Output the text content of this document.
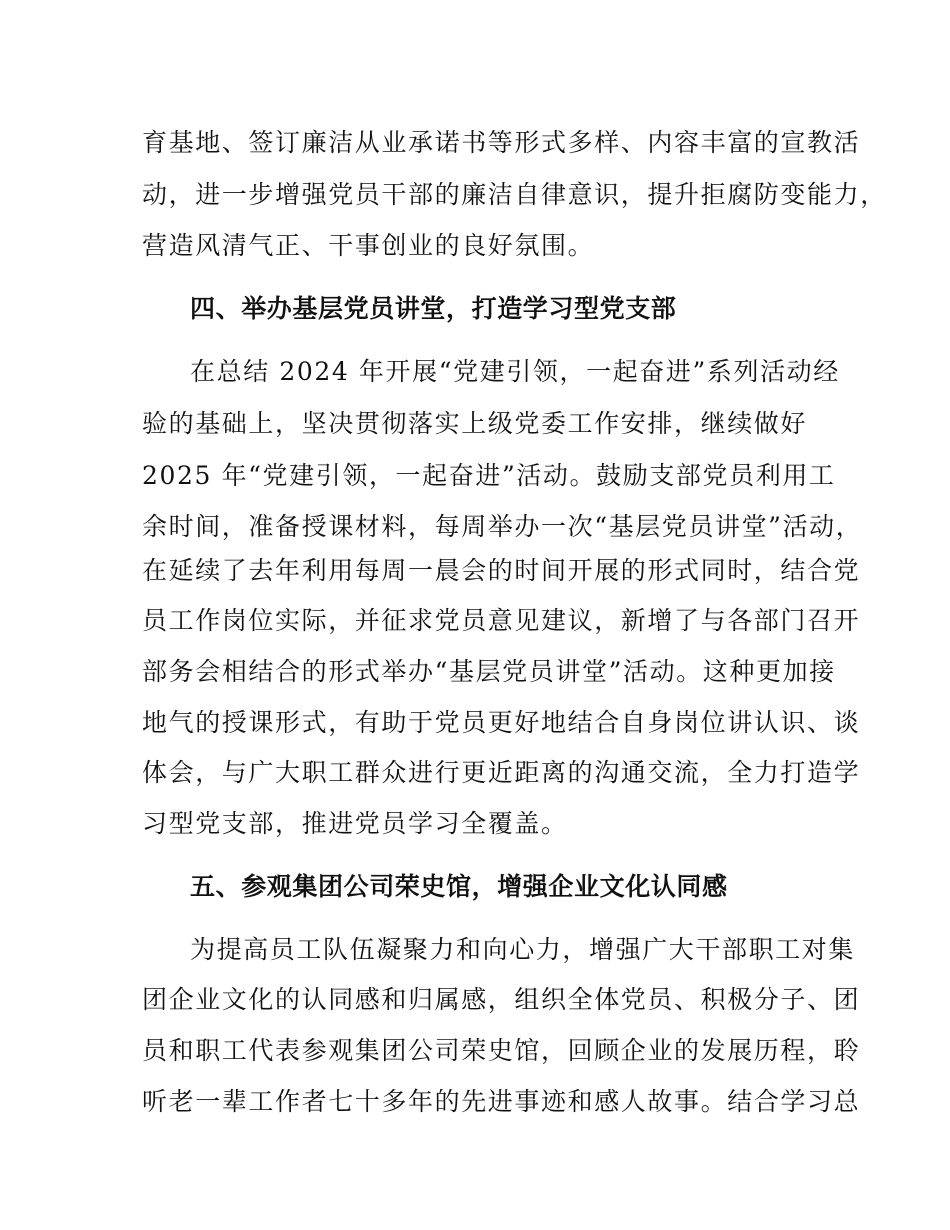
育基地、签订廉洁从业承诺书等形式多样、内容丰富的宣教活
动，进一步增强党员干部的廉洁自律意识，提升拒腐防变能力，
营造风清气正、干事创业的良好氛围。
四、举办基层党员讲堂，打造学习型党支部
在总结 2024 年开展“党建引领，一起奋进”系列活动经
验的基础上，坚决贯彻落实上级党委工作安排，继续做好
2025 年“党建引领，一起奋进”活动。鼓励支部党员利用工
余时间，准备授课材料，每周举办一次“基层党员讲堂”活动，
在延续了去年利用每周一晨会的时间开展的形式同时，结合党
员工作岗位实际，并征求党员意见建议，新增了与各部门召开
部务会相结合的形式举办“基层党员讲堂”活动。这种更加接
地气的授课形式，有助于党员更好地结合自身岗位讲认识、谈
体会，与广大职工群众进行更近距离的沟通交流，全力打造学
习型党支部，推进党员学习全覆盖。
五、参观集团公司荣史馆，增强企业文化认同感
为提高员工队伍凝聚力和向心力，增强广大干部职工对集
团企业文化的认同感和归属感，组织全体党员、积极分子、团
员和职工代表参观集团公司荣史馆，回顾企业的发展历程，聆
听老一辈工作者七十多年的先进事迹和感人故事。结合学习总
